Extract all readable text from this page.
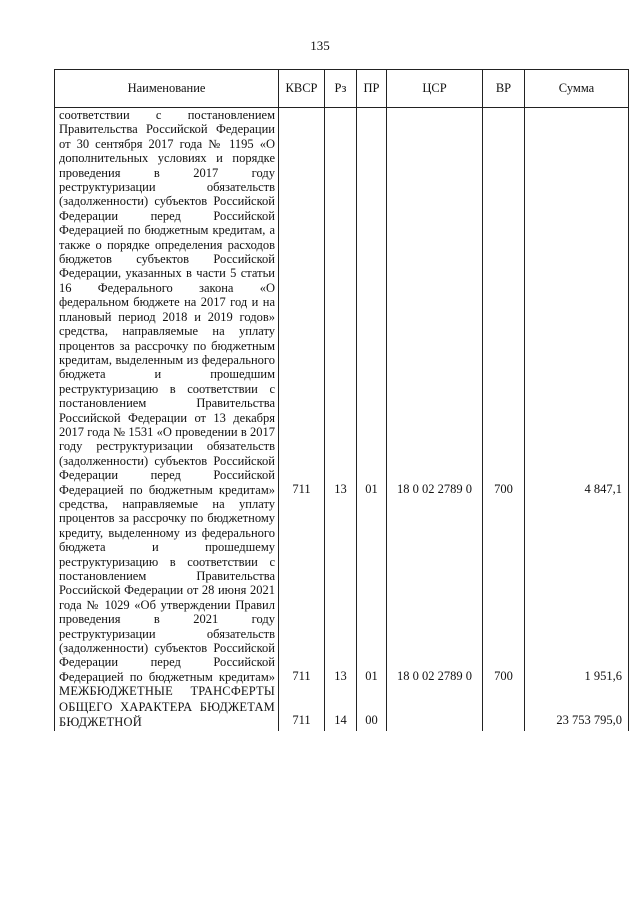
135
Наименование	КВСР	Рз	ПР	ЦСР	ВР	Сумма

соответствии с постановлением Правительства Российской Федерации от 30 сентября 2017 года № 1195 «О дополнительных условиях и порядке проведения в 2017 году реструктуризации обязательств (задолженности) субъектов Российской Федерации перед Российской Федерацией по бюджетным кредитам, а также о порядке определения расходов бюджетов субъектов Российской Федерации, указанных в части 5 статьи 16 Федерального закона «О федеральном бюджете на 2017 год и на плановый период 2018 и 2019 годов»						

средства, направляемые на уплату процентов за рассрочку по бюджетным кредитам, выделенным из федерального бюджета и прошедшим реструктуризацию в соответствии с постановлением Правительства Российской Федерации от 13 декабря 2017 года № 1531 «О проведении в 2017 году реструктуризации обязательств (задолженности) субъектов Российской Федерации перед Российской Федерацией по бюджетным кредитам»	711	13	01	18 0 02 2789 0	700	4 847,1

средства, направляемые на уплату процентов за рассрочку по бюджетному кредиту, выделенному из федерального бюджета и прошедшему реструктуризацию в соответствии с постановлением Правительства Российской Федерации от 28 июня 2021 года № 1029 «Об утверждении Правил проведения в 2021 году реструктуризации обязательств (задолженности) субъектов Российской Федерации перед Российской Федерацией по бюджетным кредитам»	711	13	01	18 0 02 2789 0	700	1 951,6

МЕЖБЮДЖЕТНЫЕ ТРАНСФЕРТЫ ОБЩЕГО ХАРАКТЕРА БЮДЖЕТАМ БЮДЖЕТНОЙ	711	14	00			23 753 795,0
